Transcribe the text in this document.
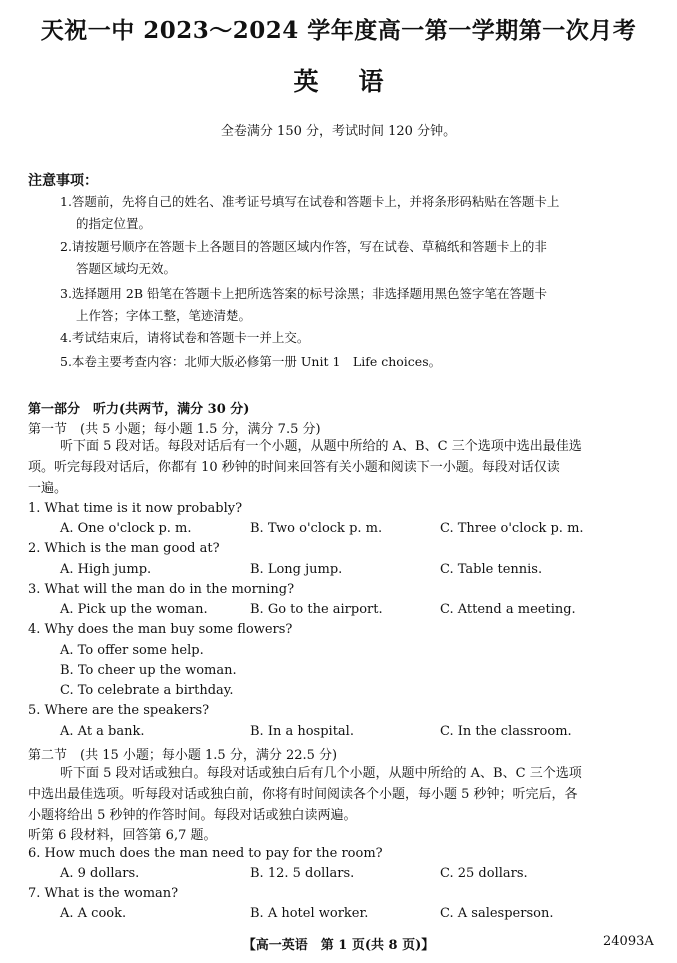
天祝一中 2023～2024 学年度高一第一学期第一次月考
英语
全卷满分 150 分，考试时间 120 分钟。
注意事项：
1.答题前，先将自己的姓名、准考证号填写在试卷和答题卡上，并将条形码粘贴在答题卡上
的指定位置。
2.请按题号顺序在答题卡上各题目的答题区域内作答，写在试卷、草稿纸和答题卡上的非
答题区域均无效。
3.选择题用 2B 铅笔在答题卡上把所选答案的标号涂黑；非选择题用黑色签字笔在答题卡
上作答；字体工整，笔迹清楚。
4.考试结束后，请将试卷和答题卡一并上交。
5.本卷主要考查内容：北师大版必修第一册 Unit 1　Life choices。
第一部分　听力(共两节，满分 30 分)
第一节　(共 5 小题；每小题 1.5 分，满分 7.5 分)
听下面 5 段对话。每段对话后有一个小题，从题中所给的 A、B、C 三个选项中选出最佳选
项。听完每段对话后，你都有 10 秒钟的时间来回答有关小题和阅读下一小题。每段对话仅读
一遍。
1. What time is it now probably?
A. One o'clock p. m.	B. Two o'clock p. m.	C. Three o'clock p. m.
2. Which is the man good at?
A. High jump.	B. Long jump.	C. Table tennis.
3. What will the man do in the morning?
A. Pick up the woman.	B. Go to the airport.	C. Attend a meeting.
4. Why does the man buy some flowers?
A. To offer some help.
B. To cheer up the woman.
C. To celebrate a birthday.
5. Where are the speakers?
A. At a bank.	B. In a hospital.	C. In the classroom.
第二节　(共 15 小题；每小题 1.5 分，满分 22.5 分)
听下面 5 段对话或独白。每段对话或独白后有几个小题，从题中所给的 A、B、C 三个选项
中选出最佳选项。听每段对话或独白前，你将有时间阅读各个小题，每小题 5 秒钟；听完后，各
小题将给出 5 秒钟的作答时间。每段对话或独白读两遍。
听第 6 段材料，回答第 6,7 题。
6. How much does the man need to pay for the room?
A. 9 dollars.	B. 12. 5 dollars.	C. 25 dollars.
7. What is the woman?
A. A cook.	B. A hotel worker.	C. A salesperson.
【高一英语　第 1 页(共 8 页)】	24093A
